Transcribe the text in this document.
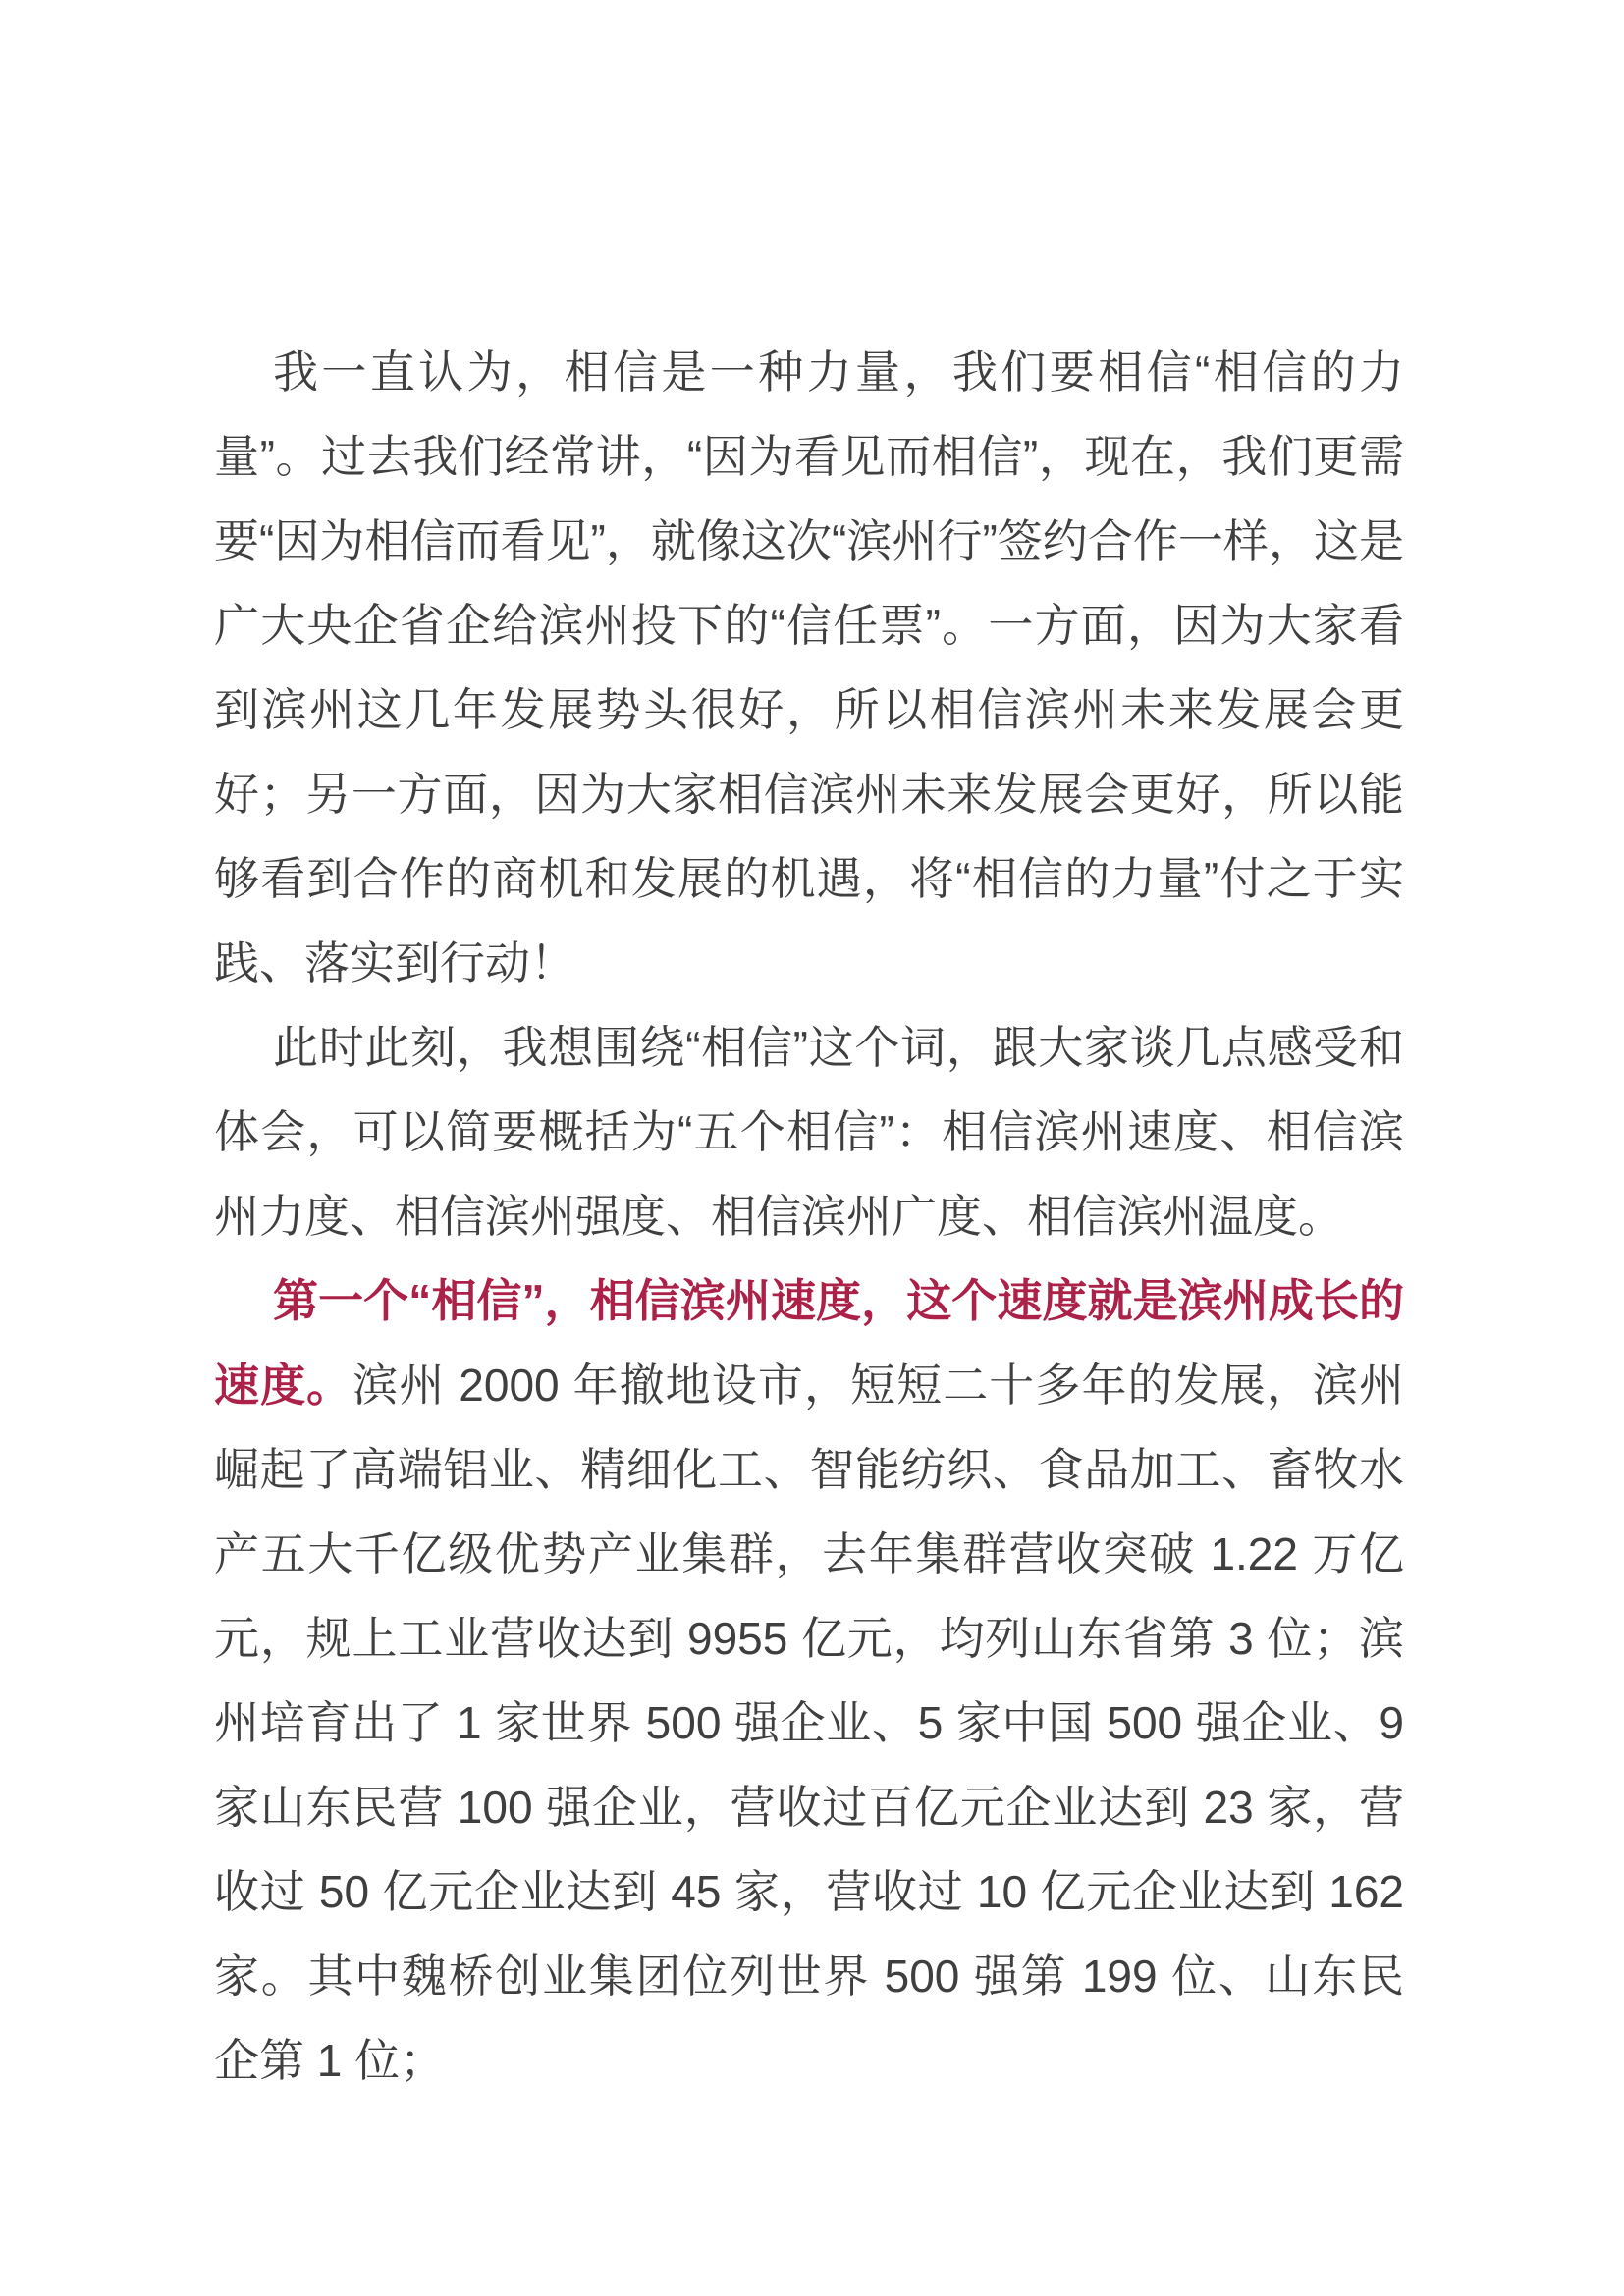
我一直认为，相信是一种力量，我们要相信“相信的力量”。过去我们经常讲，“因为看见而相信”，现在，我们更需要“因为相信而看见”，就像这次“滨州行”签约合作一样，这是广大央企省企给滨州投下的“信任票”。一方面，因为大家看到滨州这几年发展势头很好，所以相信滨州未来发展会更好；另一方面，因为大家相信滨州未来发展会更好，所以能够看到合作的商机和发展的机遇，将“相信的力量”付之于实践、落实到行动！

此时此刻，我想围绕“相信”这个词，跟大家谈几点感受和体会，可以简要概括为“五个相信”：相信滨州速度、相信滨州力度、相信滨州强度、相信滨州广度、相信滨州温度。

第一个“相信”，相信滨州速度，这个速度就是滨州成长的速度。滨州 2000 年撤地设市，短短二十多年的发展，滨州崛起了高端铝业、精细化工、智能纺织、食品加工、畜牧水产五大千亿级优势产业集群，去年集群营收突破 1.22 万亿元，规上工业营收达到 9955 亿元，均列山东省第 3 位；滨州培育出了 1 家世界 500 强企业、5 家中国 500 强企业、9 家山东民营 100 强企业，营收过百亿元企业达到 23 家，营收过 50 亿元企业达到 45 家，营收过 10 亿元企业达到 162 家。其中魏桥创业集团位列世界 500 强第 199 位、山东民企第 1 位；
